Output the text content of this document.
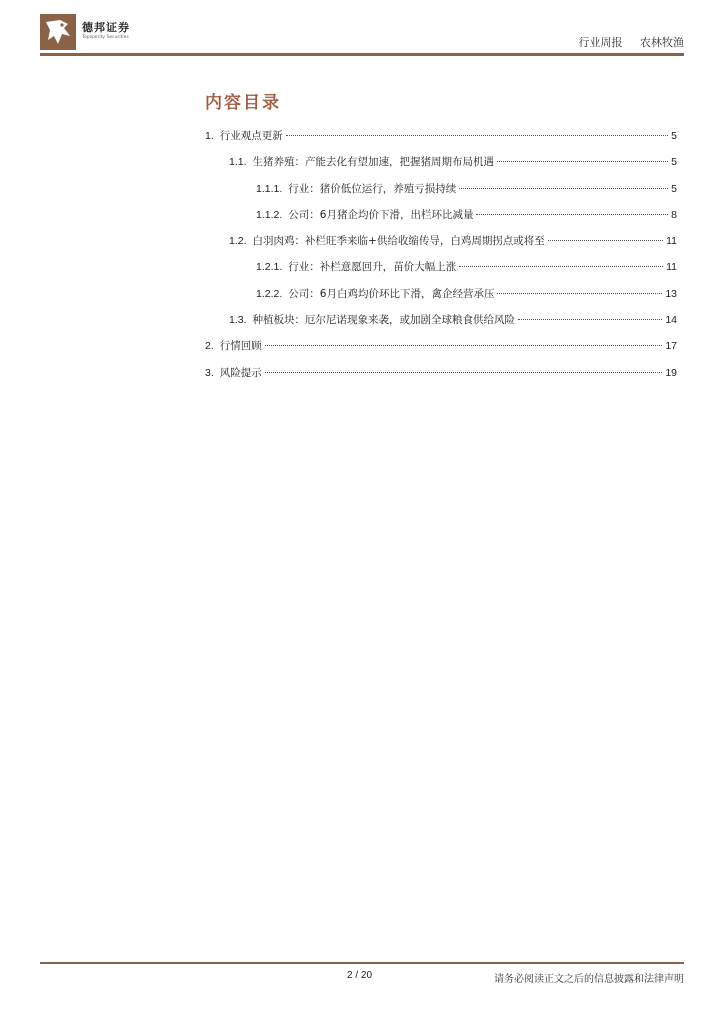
德邦证券
Topsperity Securities	行业周报 农林牧渔
内容目录
1. 行业观点更新	5
1.1. 生猪养殖：产能去化有望加速，把握猪周期布局机遇	5
1.1.1. 行业：猪价低位运行，养殖亏损持续	5
1.1.2. 公司：6月猪企均价下滑，出栏环比减量	8
1.2. 白羽肉鸡：补栏旺季来临+供给收缩传导，白鸡周期拐点或将至	11
1.2.1. 行业：补栏意愿回升，苗价大幅上涨	11
1.2.2. 公司：6月白鸡均价环比下滑，禽企经营承压	13
1.3. 种植板块：厄尔尼诺现象来袭，或加剧全球粮食供给风险	14
2. 行情回顾	17
3. 风险提示	19
2 / 20	请务必阅读正文之后的信息披露和法律声明
